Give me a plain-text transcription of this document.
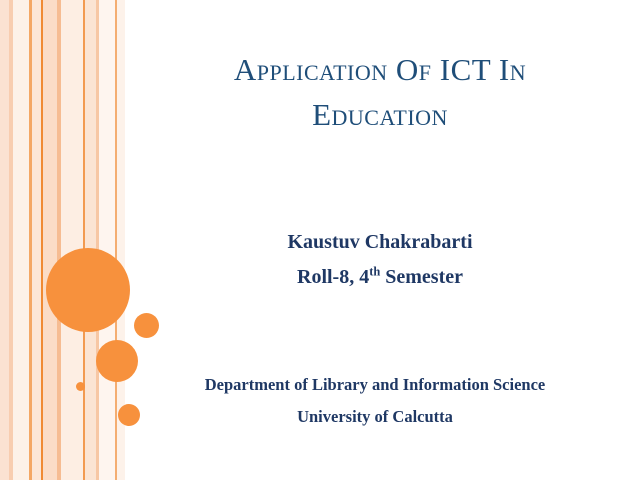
Application Of ICT In
Education
Kaustuv Chakrabarti
Roll-8, 4th Semester
Department of Library and Information Science
University of Calcutta
